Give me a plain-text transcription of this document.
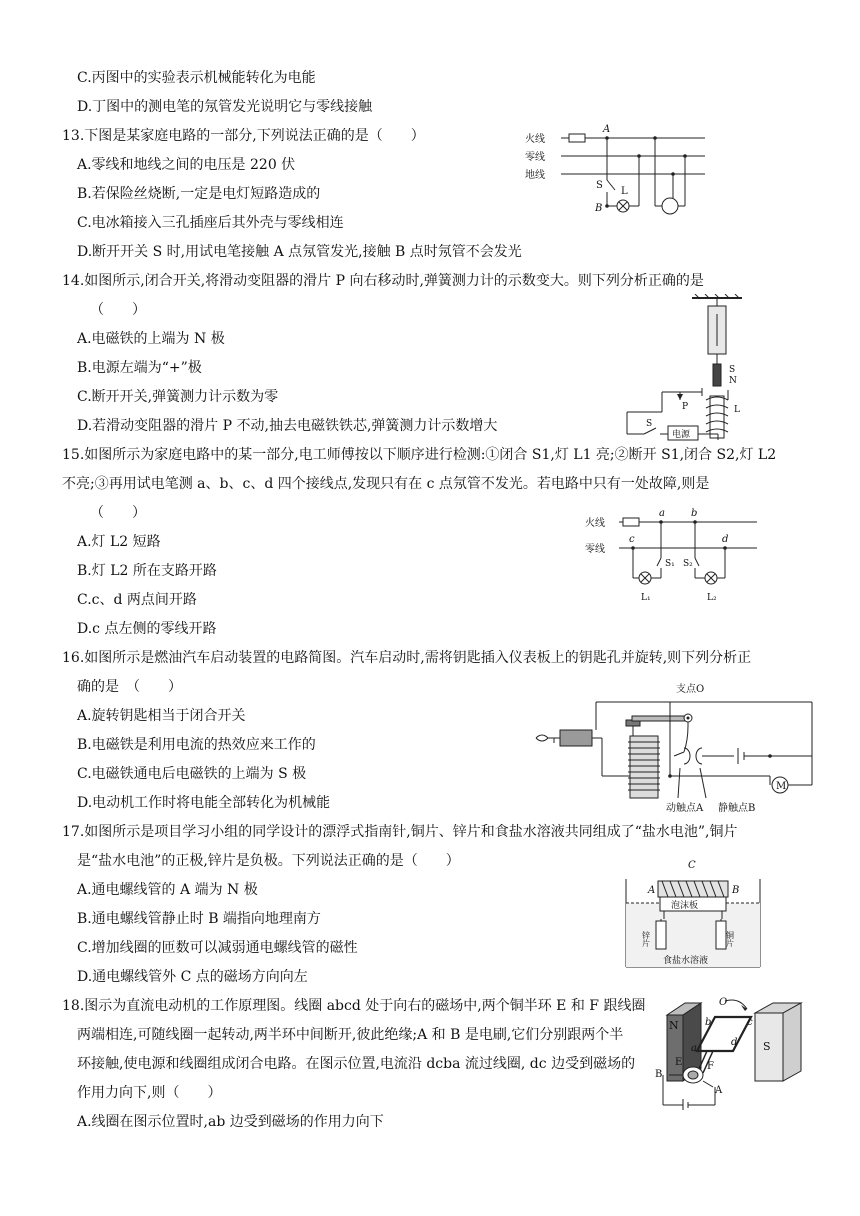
C.丙图中的实验表示机械能转化为电能
D.丁图中的测电笔的氖管发光说明它与零线接触
13.下图是某家庭电路的一部分,下列说法正确的是（　　）
A.零线和地线之间的电压是 220 伏
B.若保险丝烧断,一定是电灯短路造成的
C.电冰箱接入三孔插座后其外壳与零线相连
D.断开开关 S 时,用试电笔接触 A 点氖管发光,接触 B 点时氖管不会发光
火线
零线
地线
A
B
S
L
14.如图所示,闭合开关,将滑动变阻器的滑片 P 向右移动时,弹簧测力计的示数变大。则下列分析正确的是
（　　）
A.电磁铁的上端为 N 极
B.电源左端为“+”极
C.断开开关,弹簧测力计示数为零
D.若滑动变阻器的滑片 P 不动,抽去电磁铁铁芯,弹簧测力计示数增大
S
N
P	L
S
电源
15.如图所示为家庭电路中的某一部分,电工师傅按以下顺序进行检测:①闭合 S1,灯 L1 亮;②断开 S1,闭合 S2,灯 L2
不亮;③再用试电笔测 a、b、c、d 四个接线点,发现只有在 c 点氖管不发光。若电路中只有一处故障,则是
（　　）
A.灯 L2 短路
B.灯 L2 所在支路开路
C.c、d 两点间开路
D.c 点左侧的零线开路
火线
零线
a	b
c	d
S₁ S₂
L₁	L₂
16.如图所示是燃油汽车启动装置的电路简图。汽车启动时,需将钥匙插入仪表板上的钥匙孔并旋转,则下列分析正
确的是　（　　）
A.旋转钥匙相当于闭合开关
B.电磁铁是利用电流的热效应来工作的
C.电磁铁通电后电磁铁的上端为 S 极
D.电动机工作时将电能全部转化为机械能
支点O
动触点A 静触点B
M
17.如图所示是项目学习小组的同学设计的漂浮式指南针,铜片、锌片和食盐水溶液共同组成了“盐水电池”,铜片
是“盐水电池”的正极,锌片是负极。下列说法正确的是（　　）
A.通电螺线管的 A 端为 N 极
B.通电螺线管静止时 B 端指向地理南方
C.增加线圈的匝数可以减弱通电螺线管的磁性
D.通电螺线管外 C 点的磁场方向向左
C
A	B
泡沫板
锌片	铜片
食盐水溶液
18.图示为直流电动机的工作原理图。线圈 abcd 处于向右的磁场中,两个铜半环 E 和 F 跟线圈
两端相连,可随线圈一起转动,两半环中间断开,彼此绝缘;A 和 B 是电刷,它们分别跟两个半
环接触,使电源和线圈组成闭合电路。在图示位置,电流沿 dcba 流过线圈, dc 边受到磁场的
作用力向下,则（　　）
A.线圈在图示位置时,ab 边受到磁场的作用力向下
N
S
O
b	c
a
d
E F
B
A
